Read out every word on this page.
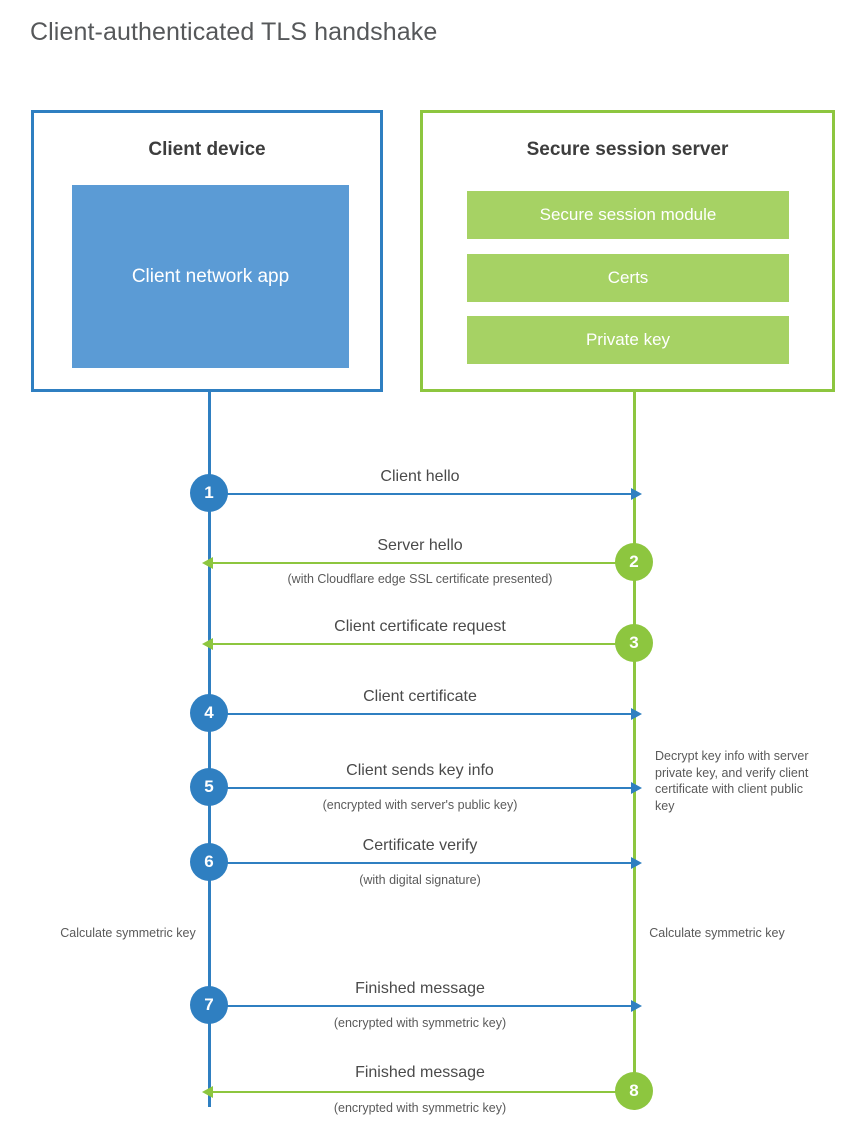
Client-authenticated TLS handshake
Client device
Client network app
Secure session server
Secure session module
Certs
Private key
Client hello
1
Server hello
(with Cloudflare edge SSL certificate presented)
2
Client certificate request
3
Client certificate
4
Client sends key info
(encrypted with server's public key)
5
Decrypt key info with server private key, and verify client certificate with client public key
Certificate verify
(with digital signature)
6
Calculate symmetric key	Calculate symmetric key
Finished message
(encrypted with symmetric key)
7
Finished message
(encrypted with symmetric key)
8
